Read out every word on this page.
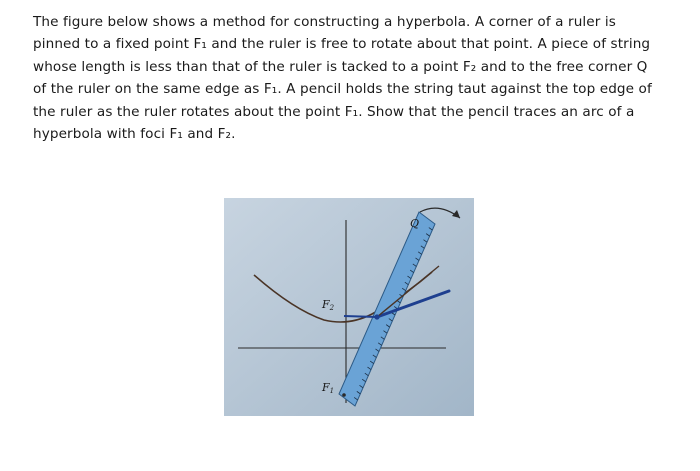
The figure below shows a method for constructing a hyperbola. A corner of a ruler is
pinned to a fixed point F₁ and the ruler is free to rotate about that point. A piece of string
whose length is less than that of the ruler is tacked to a point F₂ and to the free corner Q
of the ruler on the same edge as F₁. A pencil holds the string taut against the top edge of
the ruler as the ruler rotates about the point F₁. Show that the pencil traces an arc of a
hyperbola with foci F₁ and F₂.
Q
F2
F1
